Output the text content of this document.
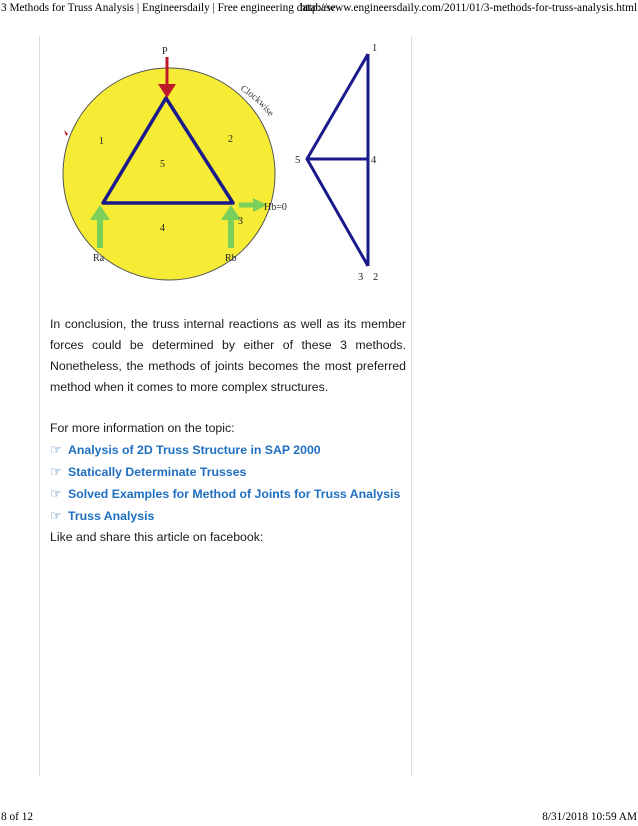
3 Methods for Truss Analysis | Engineersdaily | Free engineering database
http://www.engineersdaily.com/2011/01/3-methods-for-truss-analysis.html
P
Clockwise
1	2
5
4
3
Hb=0
Ra	Rb
1
5	4
3 2

In conclusion, the truss internal reactions as well as its member forces could be determined by either of these 3 methods. Nonetheless, the methods of joints becomes the most preferred method when it comes to more complex structures.

For more information on the topic:

☞ Analysis of 2D Truss Structure in SAP 2000
☞ Statically Determinate Trusses
☞ Solved Examples for Method of Joints for Truss Analysis
☞ Truss Analysis

Like and share this article on facebook:

8 of 12	8/31/2018 10:59 AM
